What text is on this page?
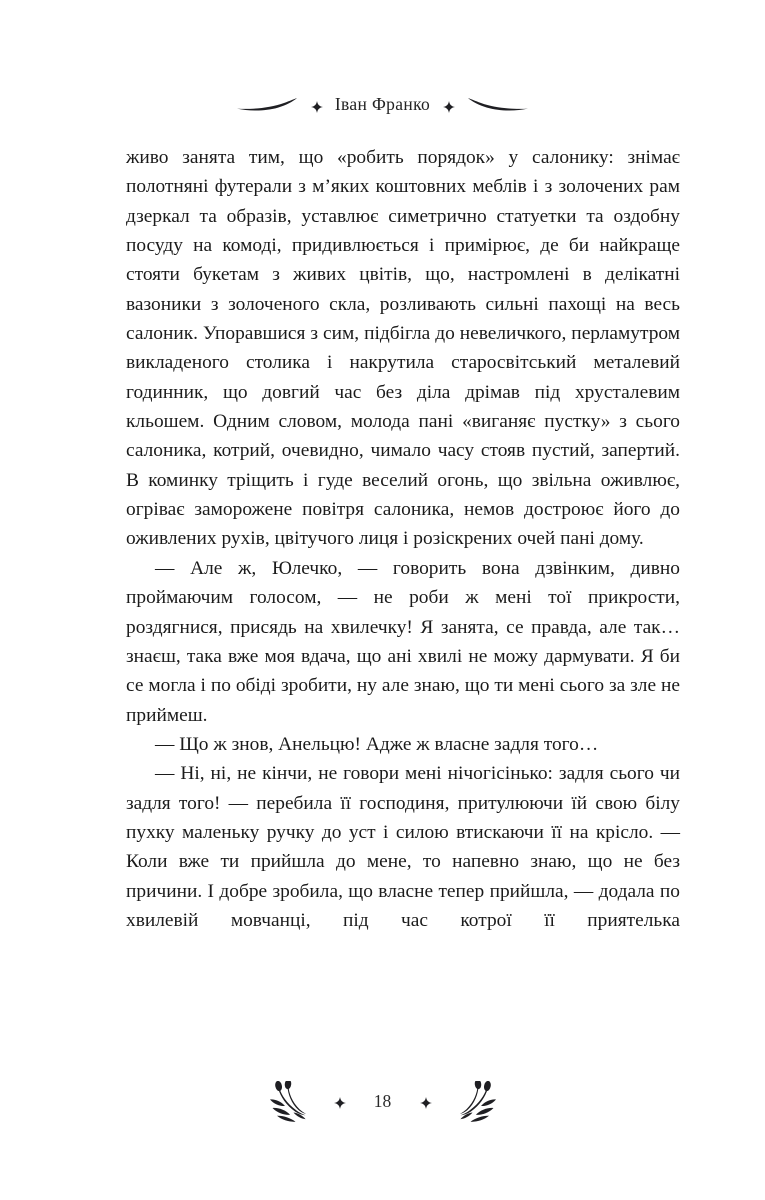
Іван Франко

живо занята тим, що «робить порядок» у салонику: знімає полотняні футерали з м’яких коштовних меблів і з золочених рам дзеркал та образів, уставлює симетрично статуетки та оздобну посуду на комоді, придивлюється і примірює, де би найкраще стояти букетам з живих цвітів, що, настромлені в делікатні вазоники з золоченого скла, розливають сильні пахощі на весь салоник. Упоравшися з сим, підбігла до невеличкого, перламутром викладеного столика і накрутила старосвітський металевий годинник, що довгий час без діла дрімав під хрусталевим кльошем. Одним словом, молода пані «виганяє пустку» з сього салоника, котрий, очевидно, чимало часу стояв пустий, запертий. В коминку тріщить і гуде веселий огонь, що звільна оживлює, огріває заморожене повітря салоника, немов достроює його до оживлених рухів, цвітучого лиця і розіскрених очей пані дому.

— Але ж, Юлечко, — говорить вона дзвінким, дивно проймаючим голосом, — не роби ж мені тої прикрости, роздягнися, присядь на хвилечку! Я занята, се правда, але так… знаєш, така вже моя вдача, що ані хвилі не можу дармувати. Я би се могла і по обіді зробити, ну але знаю, що ти мені сього за зле не приймеш.

— Що ж знов, Анельцю! Адже ж власне задля того…

— Ні, ні, не кінчи, не говори мені нічогісінько: задля сього чи задля того! — перебила її господиня, притулюючи їй свою білу пухку маленьку ручку до уст і силою втискаючи її на крісло. — Коли вже ти прийшла до мене, то напевно знаю, що не без причини. І добре зробила, що власне тепер прийшла, — додала по хвилевій мовчанці, під час котрої її приятелька

18
